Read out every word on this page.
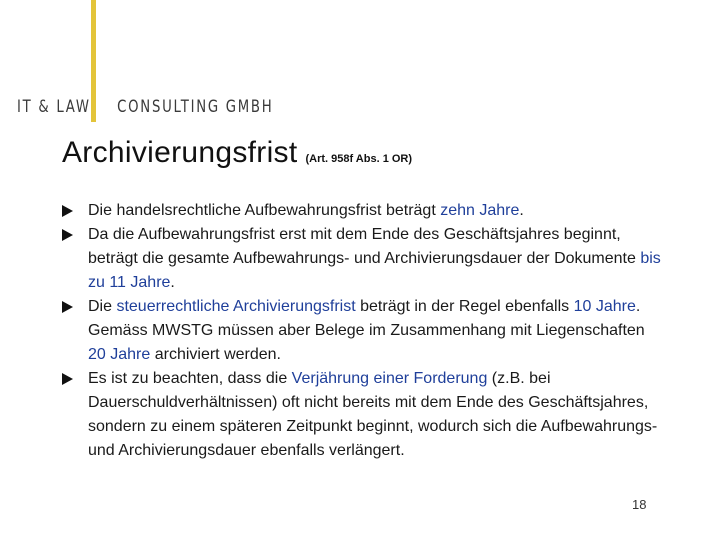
IT & LAW CONSULTING GMBH
Archivierungsfrist (Art. 958f Abs. 1 OR)
Die handelsrechtliche Aufbewahrungsfrist beträgt zehn Jahre.
Da die Aufbewahrungsfrist erst mit dem Ende des Geschäftsjahres beginnt, beträgt die gesamte Aufbewahrungs- und Archivierungsdauer der Dokumente bis zu 11 Jahre.
Die steuerrechtliche Archivierungsfrist beträgt in der Regel ebenfalls 10 Jahre. Gemäss MWSTG müssen aber Belege im Zusammenhang mit Liegenschaften 20 Jahre archiviert werden.
Es ist zu beachten, dass die Verjährung einer Forderung (z.B. bei Dauerschuldverhältnissen) oft nicht bereits mit dem Ende des Geschäftsjahres, sondern zu einem späteren Zeitpunkt beginnt, wodurch sich die Aufbewahrungs- und Archivierungsdauer ebenfalls verlängert.
18
